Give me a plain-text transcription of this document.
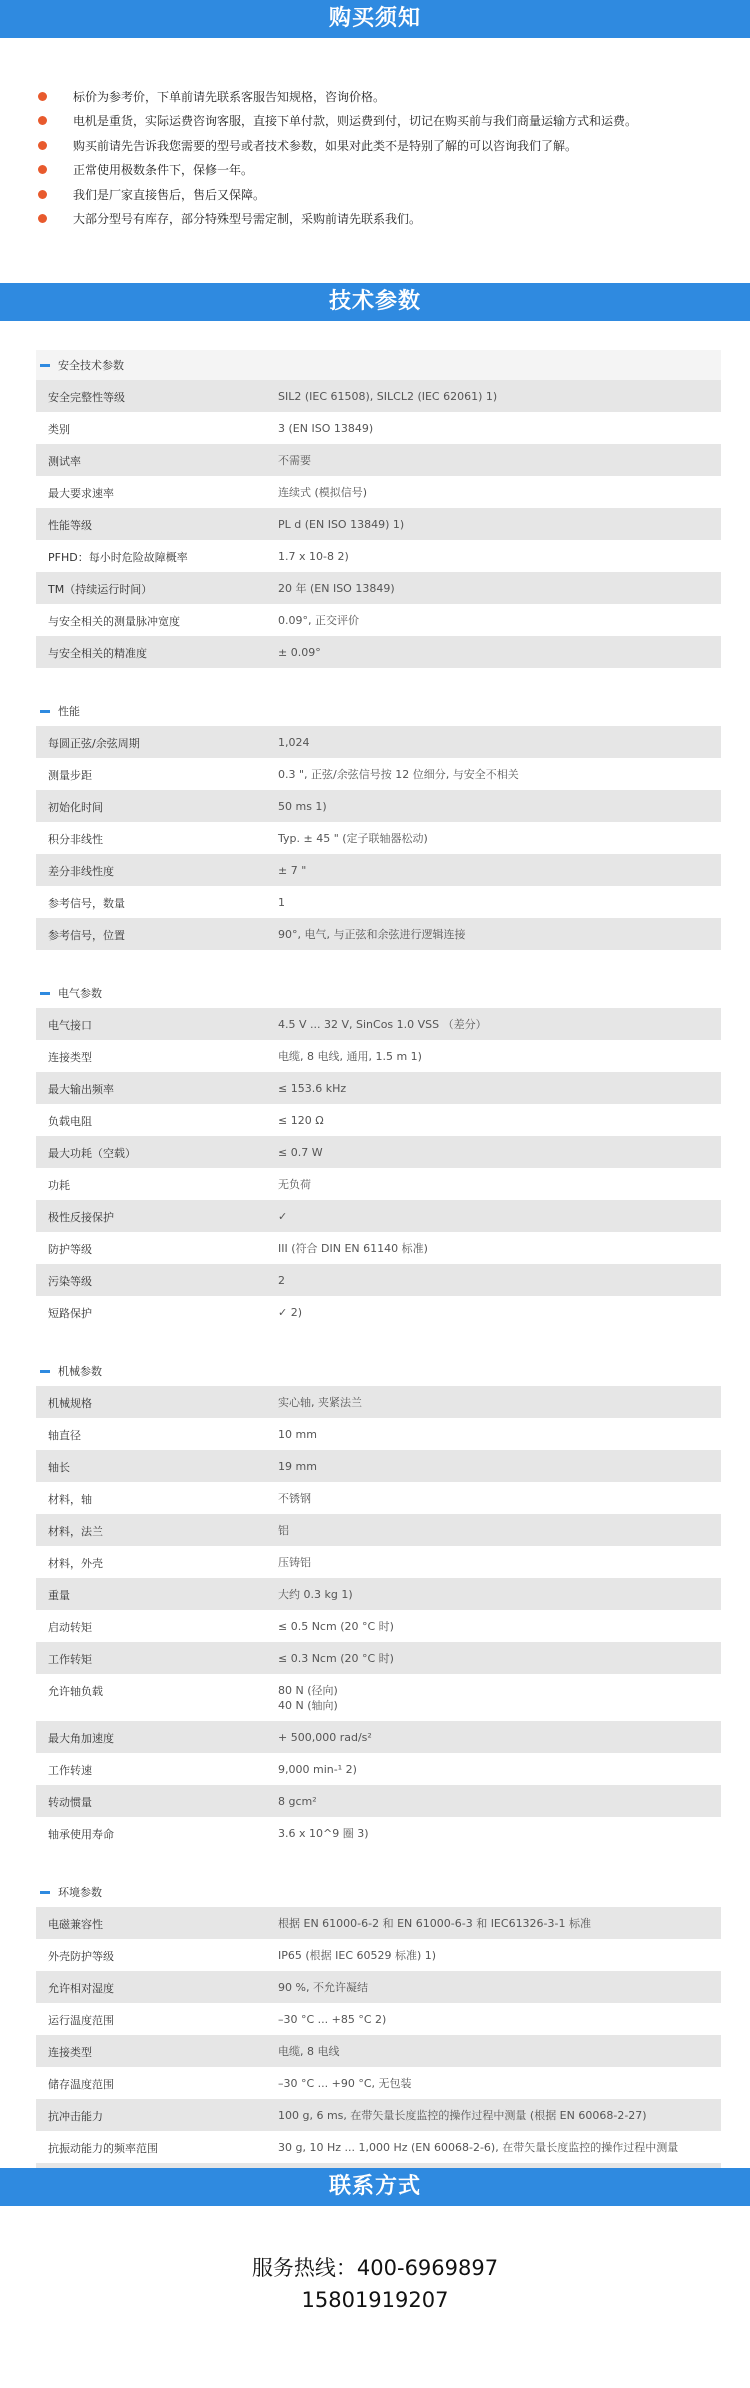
购买须知
标价为参考价，下单前请先联系客服告知规格，咨询价格。
电机是重货，实际运费咨询客服，直接下单付款，则运费到付，切记在购买前与我们商量运输方式和运费。
购买前请先告诉我您需要的型号或者技术参数，如果对此类不是特别了解的可以咨询我们了解。
正常使用极数条件下，保修一年。
我们是厂家直接售后，售后又保障。
大部分型号有库存，部分特殊型号需定制，采购前请先联系我们。
技术参数
安全技术参数
安全完整性等级	SIL2 (IEC 61508), SILCL2 (IEC 62061) 1)
类别	3 (EN ISO 13849)
测试率	不需要
最大要求速率	连续式 (模拟信号)
性能等级	PL d (EN ISO 13849) 1)
PFHD：每小时危险故障概率	1.7 x 10-8 2)
TM（持续运行时间）	20 年 (EN ISO 13849)
与安全相关的测量脉冲宽度	0.09°, 正交评价
与安全相关的精准度	± 0.09°
性能
每圆正弦/余弦周期	1,024
测量步距	0.3 ", 正弦/余弦信号按 12 位细分, 与安全不相关
初始化时间	50 ms 1)
积分非线性	Typ. ± 45 " (定子联轴器松动)
差分非线性度	± 7 "
参考信号，数量	1
参考信号，位置	90°, 电气, 与正弦和余弦进行逻辑连接
电气参数
电气接口	4.5 V ... 32 V, SinCos 1.0 VSS （差分）
连接类型	电缆, 8 电线, 通用, 1.5 m 1)
最大输出频率	≤ 153.6 kHz
负载电阻	≤ 120 Ω
最大功耗（空载）	≤ 0.7 W
功耗	无负荷
极性反接保护	✓
防护等级	III (符合 DIN EN 61140 标准)
污染等级	2
短路保护	✓ 2)
机械参数
机械规格	实心轴, 夹紧法兰
轴直径	10 mm
轴长	19 mm
材料，轴	不锈钢
材料，法兰	铝
材料，外壳	压铸铝
重量	大约 0.3 kg 1)
启动转矩	≤ 0.5 Ncm (20 °C 时)
工作转矩	≤ 0.3 Ncm (20 °C 时)
允许轴负载	80 N (径向)
40 N (轴向)
最大角加速度	+ 500,000 rad/s²
工作转速	9,000 min-¹ 2)
转动惯量	8 gcm²
轴承使用寿命	3.6 x 10^9 圈 3)
环境参数
电磁兼容性	根据 EN 61000-6-2 和 EN 61000-6-3 和 IEC61326-3-1 标准
外壳防护等级	IP65 (根据 IEC 60529 标准) 1)
允许相对湿度	90 %, 不允许凝结
运行温度范围	–30 °C ... +85 °C 2)
连接类型	电缆, 8 电线
储存温度范围	–30 °C ... +90 °C, 无包装
抗冲击能力	100 g, 6 ms, 在带矢量长度监控的操作过程中测量 (根据 EN 60068-2-27)
抗振动能力的频率范围	30 g, 10 Hz ... 1,000 Hz (EN 60068-2-6), 在带矢量长度监控的操作过程中测量
联系方式
服务热线：400-6969897
15801919207
